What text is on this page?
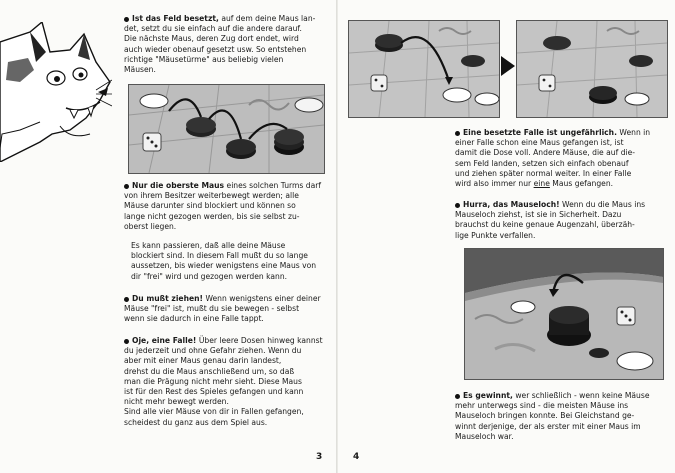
Ist das Feld besetzt, auf dem deine Maus lan-
det, setzt du sie einfach auf die andere darauf.
Die nächste Maus, deren Zug dort endet, wird
auch wieder obenauf gesetzt usw. So entstehen
richtige "Mäusetürme" aus beliebig vielen
Mäusen.

Nur die oberste Maus eines solchen Turms darf
von ihrem Besitzer weiterbewegt werden; alle
Mäuse darunter sind blockiert und können so
lange nicht gezogen werden, bis sie selbst zu-
oberst liegen.

Es kann passieren, daß alle deine Mäuse
blockiert sind. In diesem Fall mußt du so lange
aussetzen, bis wieder wenigstens eine Maus von
dir "frei" wird und gezogen werden kann.

Du mußt ziehen! Wenn wenigstens einer deiner
Mäuse "frei" ist, mußt du sie bewegen - selbst
wenn sie dadurch in eine Falle tappt.

Oje, eine Falle! Über leere Dosen hinweg kannst
du jederzeit und ohne Gefahr ziehen. Wenn du
aber mit einer Maus genau darin landest,
drehst du die Maus anschließend um, so daß
man die Prägung nicht mehr sieht. Diese Maus
ist für den Rest des Spieles gefangen und kann
nicht mehr bewegt werden.
Sind alle vier Mäuse von dir in Fallen gefangen,
scheidest du ganz aus dem Spiel aus.

3

Eine besetzte Falle ist ungefährlich. Wenn in
einer Falle schon eine Maus gefangen ist, ist
damit die Dose voll. Andere Mäuse, die auf die-
sem Feld landen, setzen sich einfach obenauf
und ziehen später normal weiter. In einer Falle
wird also immer nur eine Maus gefangen.

Hurra, das Mauseloch! Wenn du die Maus ins
Mauseloch ziehst, ist sie in Sicherheit. Dazu
brauchst du keine genaue Augenzahl, überzäh-
lige Punkte verfallen.

Es gewinnt, wer schließlich - wenn keine Mäuse
mehr unterwegs sind - die meisten Mäuse ins
Mauseloch bringen konnte. Bei Gleichstand ge-
winnt derjenige, der als erster mit einer Maus im
Mauseloch war.

4
